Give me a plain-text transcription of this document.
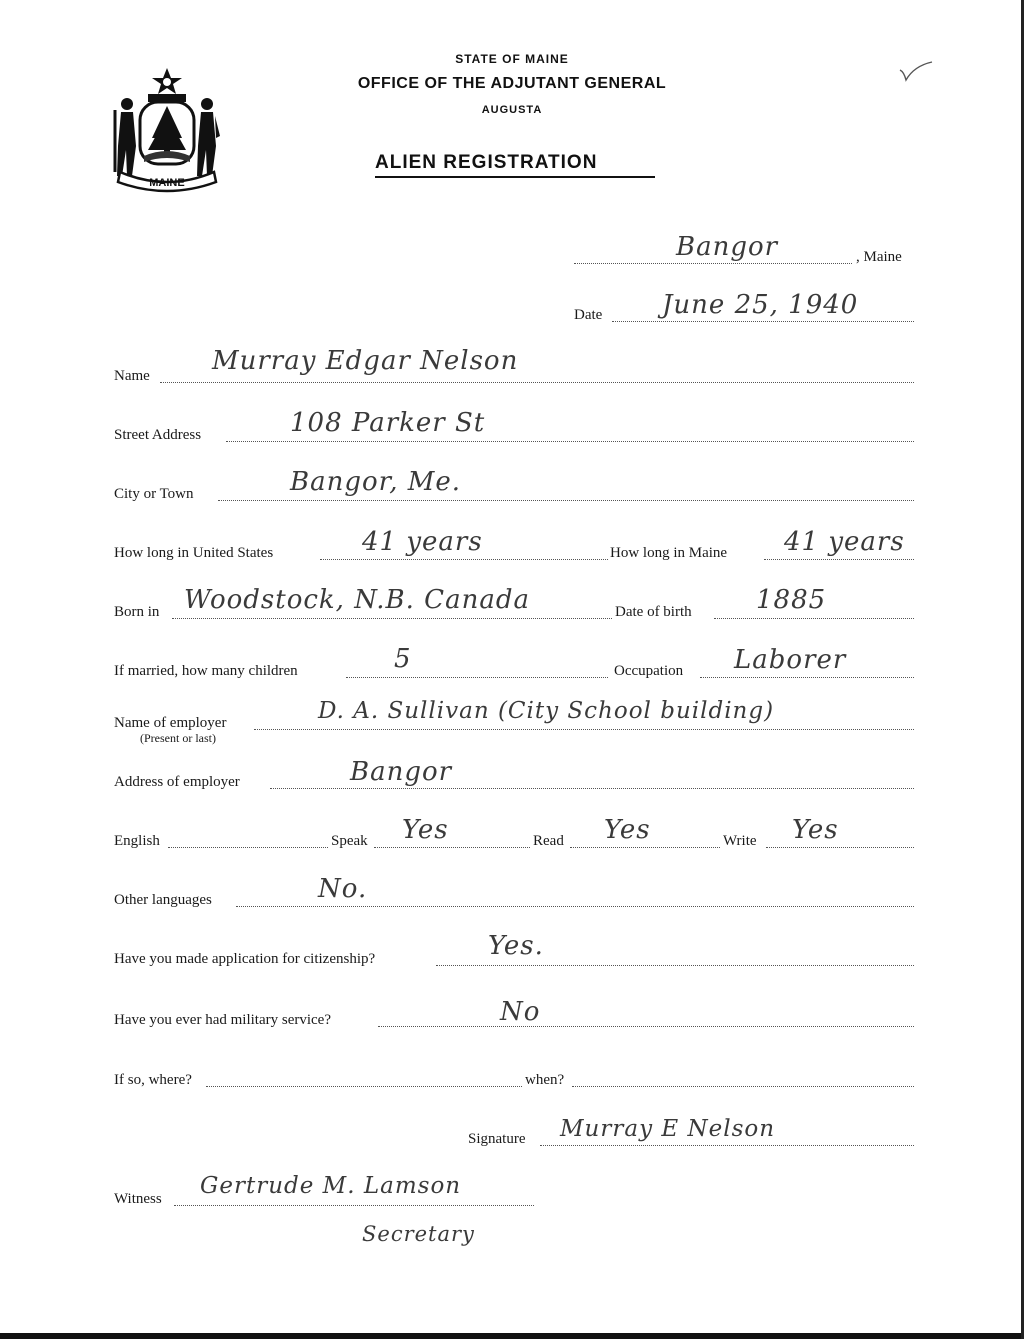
MAINE
STATE OF MAINE
OFFICE OF THE ADJUTANT GENERAL
AUGUSTA
ALIEN REGISTRATION
Bangor	, Maine
Date June 25, 1940
Name Murray Edgar Nelson
Street Address	108 Parker St
City or Town	Bangor, Me.
How long in United States	41 years	How long in Maine 41 years
Born in Woodstock, N.B. Canada	Date of birth 1885
If married, how many children	5	Occupation Laborer
Name of employer
(Present or last)
D. A. Sullivan (City School building)
Address of employer	Bangor
English	Speak Yes	Read Yes	Write Yes
Other languages	No.
Have you made application for citizenship?	Yes.
Have you ever had military service?	No
If so, where?	when?
Signature Murray E Nelson
Witness Gertrude M. Lamson
Secretary
